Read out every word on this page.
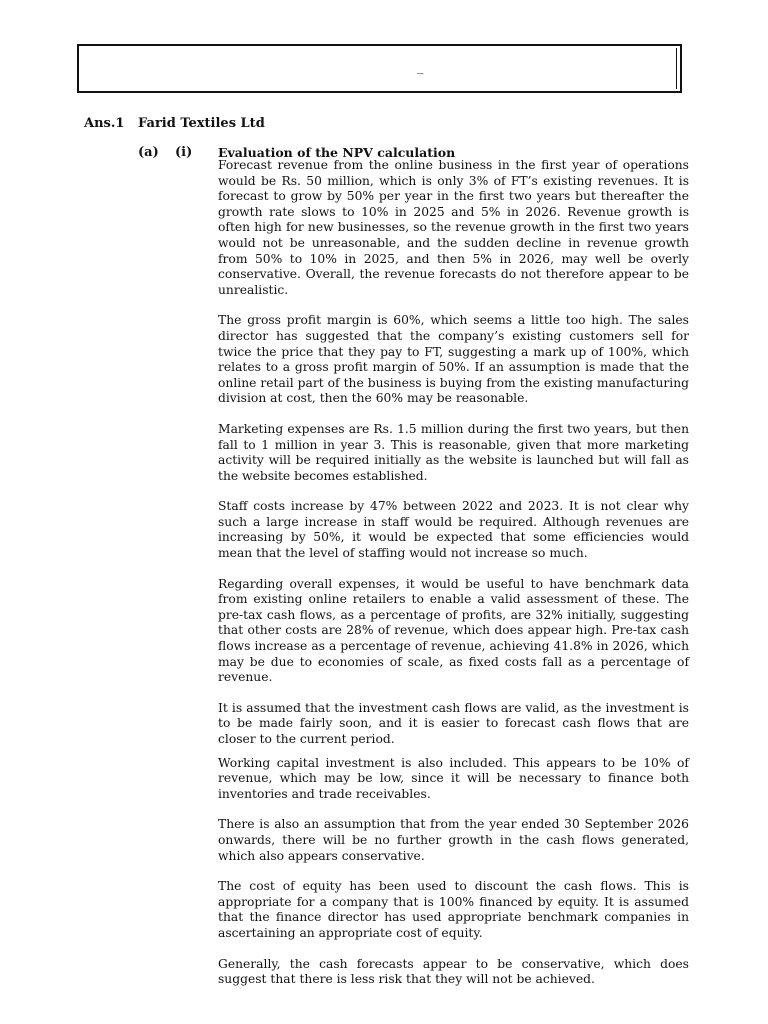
_
Ans.1 Farid Textiles Ltd
(a) (i) Evaluation of the NPV calculation

Forecast revenue from the online business in the first year of operations would be Rs. 50 million, which is only 3% of FT’s existing revenues. It is forecast to grow by 50% per year in the first two years but thereafter the growth rate slows to 10% in 2025 and 5% in 2026. Revenue growth is often high for new businesses, so the revenue growth in the first two years would not be unreasonable, and the sudden decline in revenue growth from 50% to 10% in 2025, and then 5% in 2026, may well be overly conservative. Overall, the revenue forecasts do not therefore appear to be unrealistic.

The gross profit margin is 60%, which seems a little too high. The sales director has suggested that the company’s existing customers sell for twice the price that they pay to FT, suggesting a mark up of 100%, which relates to a gross profit margin of 50%. If an assumption is made that the online retail part of the business is buying from the existing manufacturing division at cost, then the 60% may be reasonable.

Marketing expenses are Rs. 1.5 million during the first two years, but then fall to 1 million in year 3. This is reasonable, given that more marketing activity will be required initially as the website is launched but will fall as the website becomes established.

Staff costs increase by 47% between 2022 and 2023. It is not clear why such a large increase in staff would be required. Although revenues are increasing by 50%, it would be expected that some efficiencies would mean that the level of staffing would not increase so much.

Regarding overall expenses, it would be useful to have benchmark data from existing online retailers to enable a valid assessment of these. The pre-tax cash flows, as a percentage of profits, are 32% initially, suggesting that other costs are 28% of revenue, which does appear high. Pre-tax cash flows increase as a percentage of revenue, achieving 41.8% in 2026, which may be due to economies of scale, as fixed costs fall as a percentage of revenue.

It is assumed that the investment cash flows are valid, as the investment is to be made fairly soon, and it is easier to forecast cash flows that are closer to the current period.

Working capital investment is also included. This appears to be 10% of revenue, which may be low, since it will be necessary to finance both inventories and trade receivables.

There is also an assumption that from the year ended 30 September 2026 onwards, there will be no further growth in the cash flows generated, which also appears conservative.

The cost of equity has been used to discount the cash flows. This is appropriate for a company that is 100% financed by equity. It is assumed that the finance director has used appropriate benchmark companies in ascertaining an appropriate cost of equity.

Generally, the cash forecasts appear to be conservative, which does suggest that there is less risk that they will not be achieved.
